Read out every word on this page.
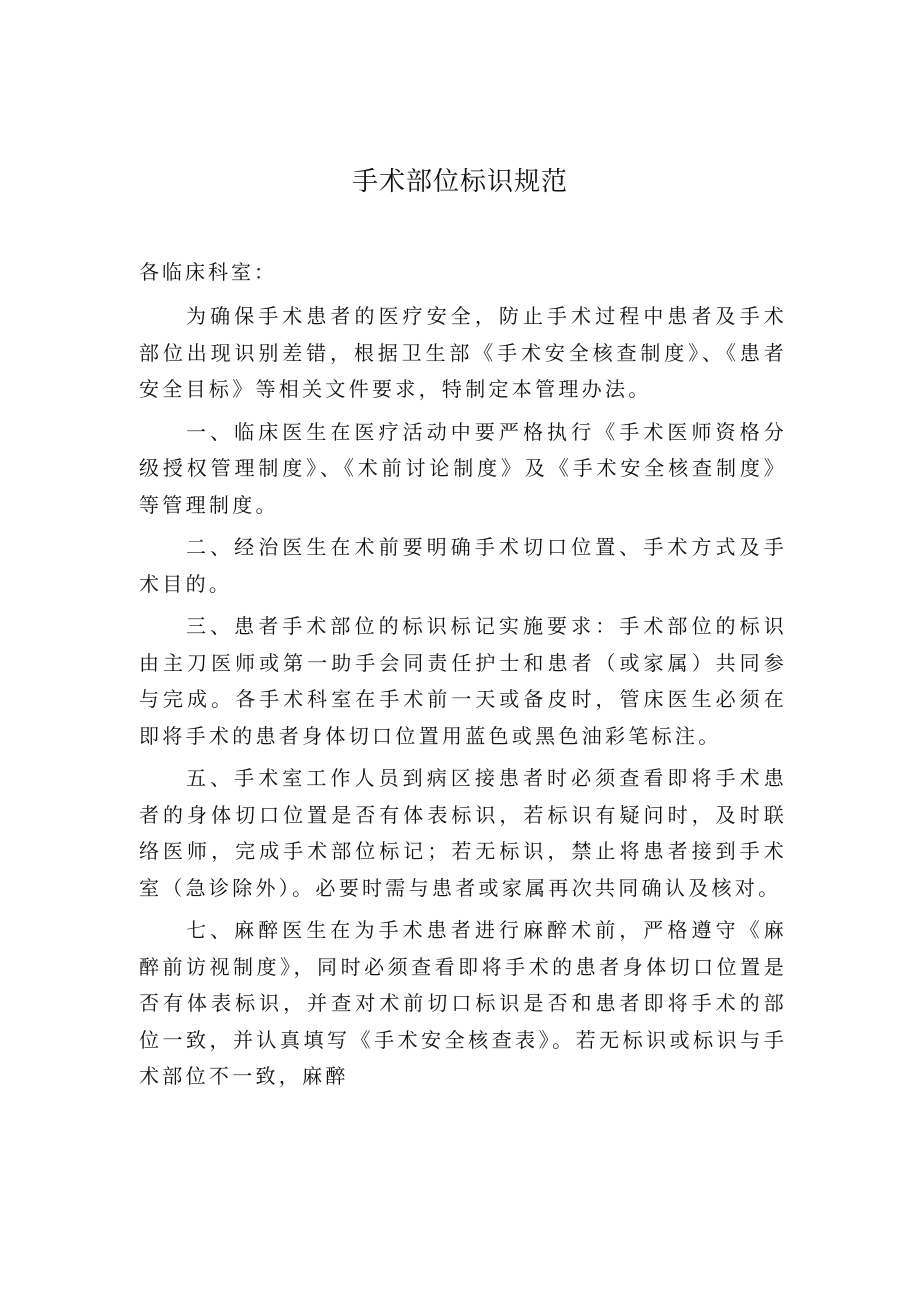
手术部位标识规范
各临床科室：

为确保手术患者的医疗安全，防止手术过程中患者及手术部位出现识别差错，根据卫生部《手术安全核查制度》、《患者安全目标》等相关文件要求，特制定本管理办法。

一、临床医生在医疗活动中要严格执行《手术医师资格分级授权管理制度》、《术前讨论制度》及《手术安全核查制度》等管理制度。

二、经治医生在术前要明确手术切口位置、手术方式及手术目的。

三、患者手术部位的标识标记实施要求：手术部位的标识由主刀医师或第一助手会同责任护士和患者（或家属）共同参与完成。各手术科室在手术前一天或备皮时，管床医生必须在即将手术的患者身体切口位置用蓝色或黑色油彩笔标注。

五、手术室工作人员到病区接患者时必须查看即将手术患者的身体切口位置是否有体表标识，若标识有疑问时，及时联络医师，完成手术部位标记；若无标识，禁止将患者接到手术室（急诊除外）。必要时需与患者或家属再次共同确认及核对。

七、麻醉医生在为手术患者进行麻醉术前，严格遵守《麻醉前访视制度》，同时必须查看即将手术的患者身体切口位置是否有体表标识，并查对术前切口标识是否和患者即将手术的部位一致，并认真填写《手术安全核查表》。若无标识或标识与手术部位不一致，麻醉
